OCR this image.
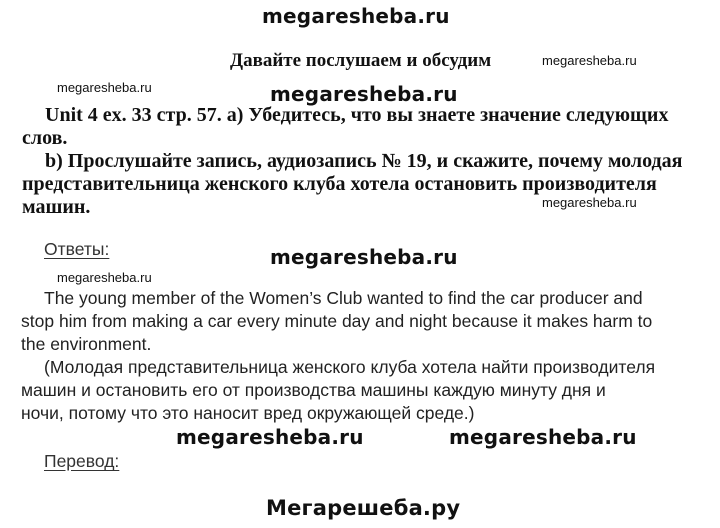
megaresheba.ru
Давайте послушаем и обсудим	megaresheba.ru
megaresheba.ru	megaresheba.ru
Unit 4 ex. 33 стр. 57. а) Убедитесь, что вы знаете значение следующих
слов.
b) Прослушайте запись, аудиозапись № 19, и скажите, почему молодая
представительница женского клуба хотела остановить производителя
машин.	megaresheba.ru
Ответы:	megaresheba.ru
megaresheba.ru
The young member of the Women’s Club wanted to find the car producer and
stop him from making a car every minute day and night because it makes harm to
the environment.
(Молодая представительница женского клуба хотела найти производителя
машин и остановить его от производства машины каждую минуту дня и
ночи, потому что это наносит вред окружающей среде.)
megaresheba.ru	megaresheba.ru
Перевод:
Мегарешеба.ру
